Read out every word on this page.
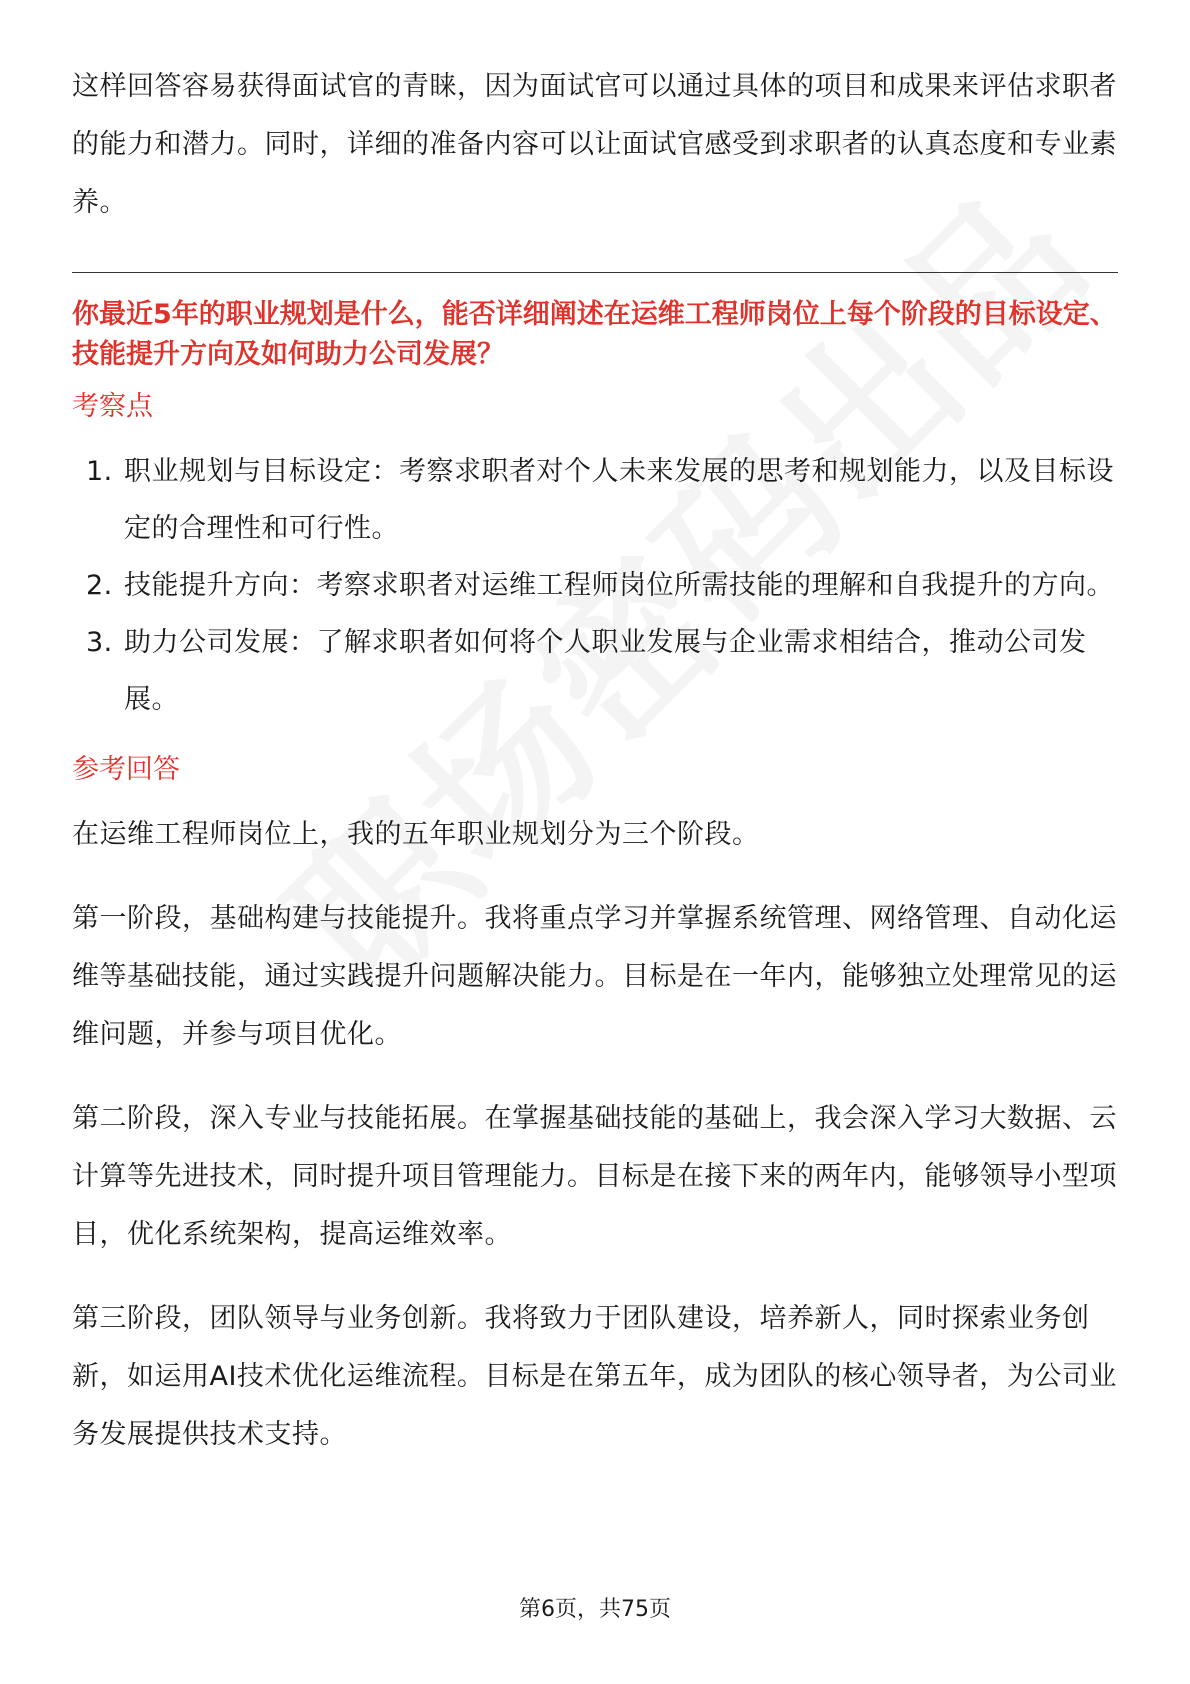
这样回答容易获得面试官的青睐，因为面试官可以通过具体的项目和成果来评估求职者的能力和潜力。同时，详细的准备内容可以让面试官感受到求职者的认真态度和专业素养。

你最近5年的职业规划是什么，能否详细阐述在运维工程师岗位上每个阶段的目标设定、技能提升方向及如何助力公司发展？

考察点

1. 职业规划与目标设定：考察求职者对个人未来发展的思考和规划能力，以及目标设定的合理性和可行性。
2. 技能提升方向：考察求职者对运维工程师岗位所需技能的理解和自我提升的方向。
3. 助力公司发展：了解求职者如何将个人职业发展与企业需求相结合，推动公司发展。

参考回答

在运维工程师岗位上，我的五年职业规划分为三个阶段。

第一阶段，基础构建与技能提升。我将重点学习并掌握系统管理、网络管理、自动化运维等基础技能，通过实践提升问题解决能力。目标是在一年内，能够独立处理常见的运维问题，并参与项目优化。

第二阶段，深入专业与技能拓展。在掌握基础技能的基础上，我会深入学习大数据、云计算等先进技术，同时提升项目管理能力。目标是在接下来的两年内，能够领导小型项目，优化系统架构，提高运维效率。

第三阶段，团队领导与业务创新。我将致力于团队建设，培养新人，同时探索业务创新，如运用AI技术优化运维流程。目标是在第五年，成为团队的核心领导者，为公司业务发展提供技术支持。

第6页，共75页
